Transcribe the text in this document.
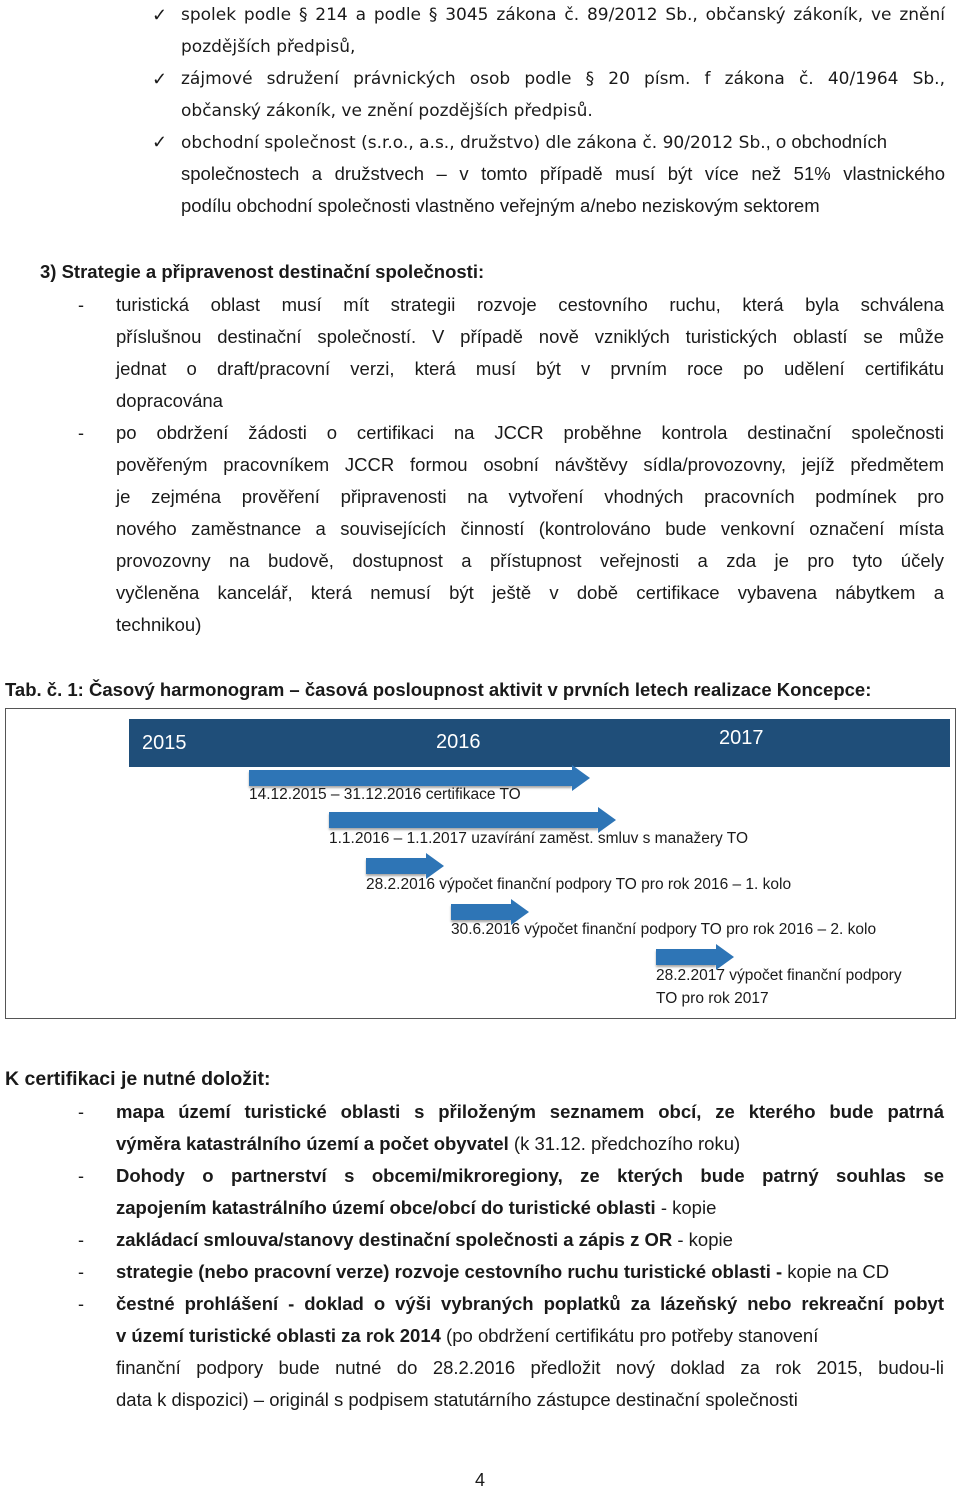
✓ spolek podle § 214 a podle § 3045 zákona č. 89/2012 Sb., občanský zákoník, ve znění
pozdějších předpisů,
✓ zájmové sdružení právnických osob podle § 20 písm. f zákona č. 40/1964 Sb.,
občanský zákoník, ve znění pozdějších předpisů.
✓ obchodní společnost (s.r.o., a.s., družstvo) dle zákona č. 90/2012 Sb., o obchodních
společnostech a družstvech – v tomto případě musí být více než 51% vlastnického
podílu obchodní společnosti vlastněno veřejným a/nebo neziskovým sektorem
3) Strategie a připravenost destinační společnosti:
- turistická oblast musí mít strategii rozvoje cestovního ruchu, která byla schválena
příslušnou destinační společností. V případě nově vzniklých turistických oblastí se může
jednat o draft/pracovní verzi, která musí být v prvním roce po udělení certifikátu
dopracována
- po obdržení žádosti o certifikaci na JCCR proběhne kontrola destinační společnosti
pověřeným pracovníkem JCCR formou osobní návštěvy sídla/provozovny, jejíž předmětem
je zejména prověření připravenosti na vytvoření vhodných pracovních podmínek pro
nového zaměstnance a souvisejících činností (kontrolováno bude venkovní označení místa
provozovny na budově, dostupnost a přístupnost veřejnosti a zda je pro tyto účely
vyčleněna kancelář, která nemusí být ještě v době certifikace vybavena nábytkem a
technikou)
Tab. č. 1: Časový harmonogram – časová posloupnost aktivit v prvních letech realizace Koncepce:
2015	2016	2017
14.12.2015 – 31.12.2016 certifikace TO
1.1.2016 – 1.1.2017 uzavírání zaměst. smluv s manažery TO
28.2.2016 výpočet finanční podpory TO pro rok 2016 – 1. kolo
30.6.2016 výpočet finanční podpory TO pro rok 2016 – 2. kolo
28.2.2017 výpočet finanční podpory
TO pro rok 2017
K certifikaci je nutné doložit:
- mapa území turistické oblasti s přiloženým seznamem obcí, ze kterého bude patrná
výměra katastrálního území a počet obyvatel (k 31.12. předchozího roku)
- Dohody o partnerství s obcemi/mikroregiony, ze kterých bude patrný souhlas se
zapojením katastrálního území obce/obcí do turistické oblasti - kopie
- zakládací smlouva/stanovy destinační společnosti a zápis z OR - kopie
- strategie (nebo pracovní verze) rozvoje cestovního ruchu turistické oblasti - kopie na CD
- čestné prohlášení - doklad o výši vybraných poplatků za lázeňský nebo rekreační pobyt
v území turistické oblasti za rok 2014 (po obdržení certifikátu pro potřeby stanovení
finanční podpory bude nutné do 28.2.2016 předložit nový doklad za rok 2015, budou-li
data k dispozici) – originál s podpisem statutárního zástupce destinační společnosti
4
